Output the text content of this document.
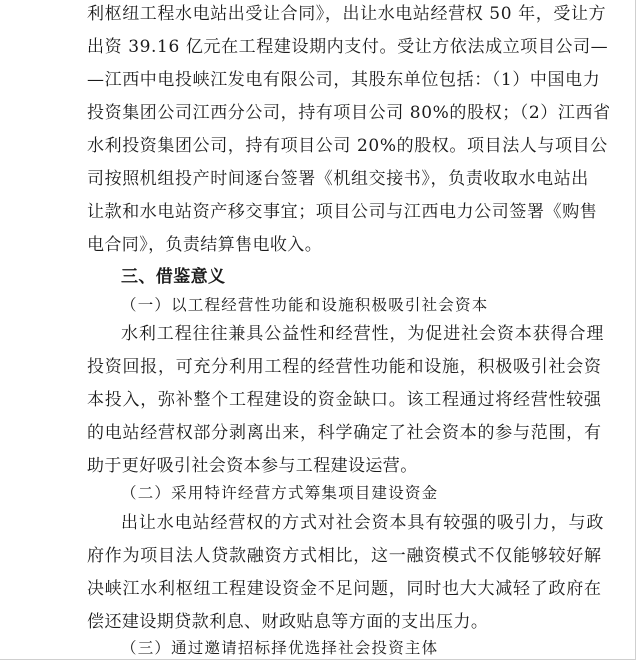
利枢纽工程水电站出受让合同》，出让水电站经营权 50 年，受让方
出资 39.16 亿元在工程建设期内支付。受让方依法成立项目公司—
—江西中电投峡江发电有限公司，其股东单位包括：（1）中国电力
投资集团公司江西分公司，持有项目公司 80%的股权；（2）江西省
水利投资集团公司，持有项目公司 20%的股权。项目法人与项目公
司按照机组投产时间逐台签署《机组交接书》，负责收取水电站出
让款和水电站资产移交事宜；项目公司与江西电力公司签署《购售
电合同》，负责结算售电收入。
三、借鉴意义
（一）以工程经营性功能和设施积极吸引社会资本
水利工程往往兼具公益性和经营性，为促进社会资本获得合理
投资回报，可充分利用工程的经营性功能和设施，积极吸引社会资
本投入，弥补整个工程建设的资金缺口。该工程通过将经营性较强
的电站经营权部分剥离出来，科学确定了社会资本的参与范围，有
助于更好吸引社会资本参与工程建设运营。
（二）采用特许经营方式筹集项目建设资金
出让水电站经营权的方式对社会资本具有较强的吸引力，与政
府作为项目法人贷款融资方式相比，这一融资模式不仅能够较好解
决峡江水利枢纽工程建设资金不足问题，同时也大大减轻了政府在
偿还建设期贷款利息、财政贴息等方面的支出压力。
（三）通过邀请招标择优选择社会投资主体
